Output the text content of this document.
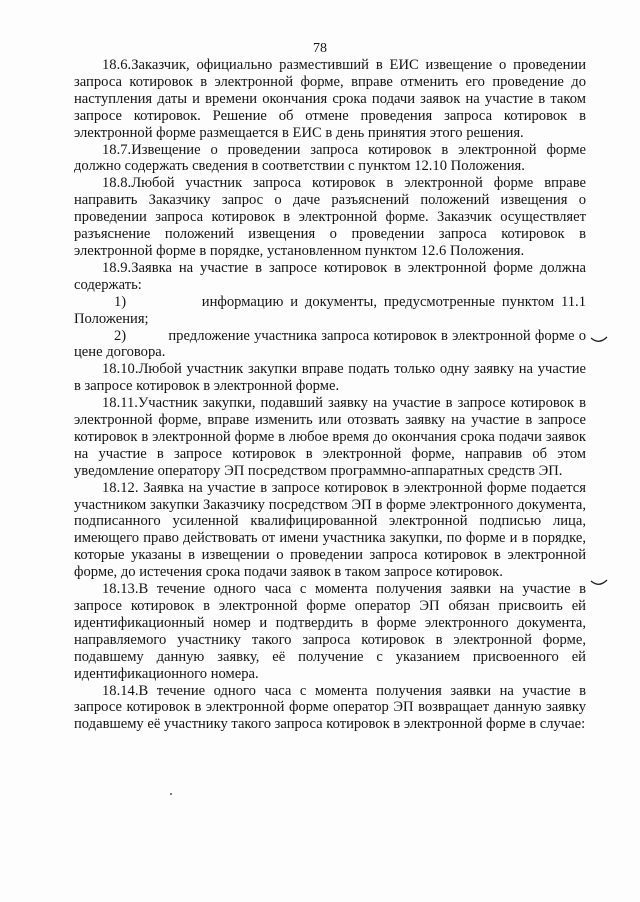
78

18.6.Заказчик, официально разместивший в ЕИС извещение о проведении запроса котировок в электронной форме, вправе отменить его проведение до наступления даты и времени окончания срока подачи заявок на участие в таком запросе котировок. Решение об отмене проведения запроса котировок в электронной форме размещается в ЕИС в день принятия этого решения.

18.7.Извещение о проведении запроса котировок в электронной форме должно содержать сведения в соответствии с пунктом 12.10 Положения.

18.8.Любой участник запроса котировок в электронной форме вправе направить Заказчику запрос о даче разъяснений положений извещения о проведении запроса котировок в электронной форме. Заказчик осуществляет разъяснение положений извещения о проведении запроса котировок в электронной форме в порядке, установленном пунктом 12.6 Положения.

18.9.Заявка на участие в запросе котировок в электронной форме должна содержать:

1)           информацию и документы, предусмотренные пунктом 11.1 Положения;

2)          предложение участника запроса котировок в электронной форме о цене договора.

18.10.Любой участник закупки вправе подать только одну заявку на участие в запросе котировок в электронной форме.

18.11.Участник закупки, подавший заявку на участие в запросе котировок в электронной форме, вправе изменить или отозвать заявку на участие в запросе котировок в электронной форме в любое время до окончания срока подачи заявок на участие в запросе котировок в электронной форме, направив об этом уведомление оператору ЭП посредством программно-аппаратных средств ЭП.

18.12. Заявка на участие в запросе котировок в электронной форме подается участником закупки Заказчику посредством ЭП в форме электронного документа, подписанного усиленной квалифицированной электронной подписью лица, имеющего право действовать от имени участника закупки, по форме и в порядке, которые указаны в извещении о проведении запроса котировок в электронной форме, до истечения срока подачи заявок в таком запросе котировок.

18.13.В течение одного часа с момента получения заявки на участие в запросе котировок в электронной форме оператор ЭП обязан присвоить ей идентификационный номер и подтвердить в форме электронного документа, направляемого участнику такого запроса котировок в электронной форме, подавшему данную заявку, её получение с указанием присвоенного ей идентификационного номера.

18.14.В течение одного часа с момента получения заявки на участие в запросе котировок в электронной форме оператор ЭП возвращает данную заявку подавшему её участнику такого запроса котировок в электронной форме в случае:
